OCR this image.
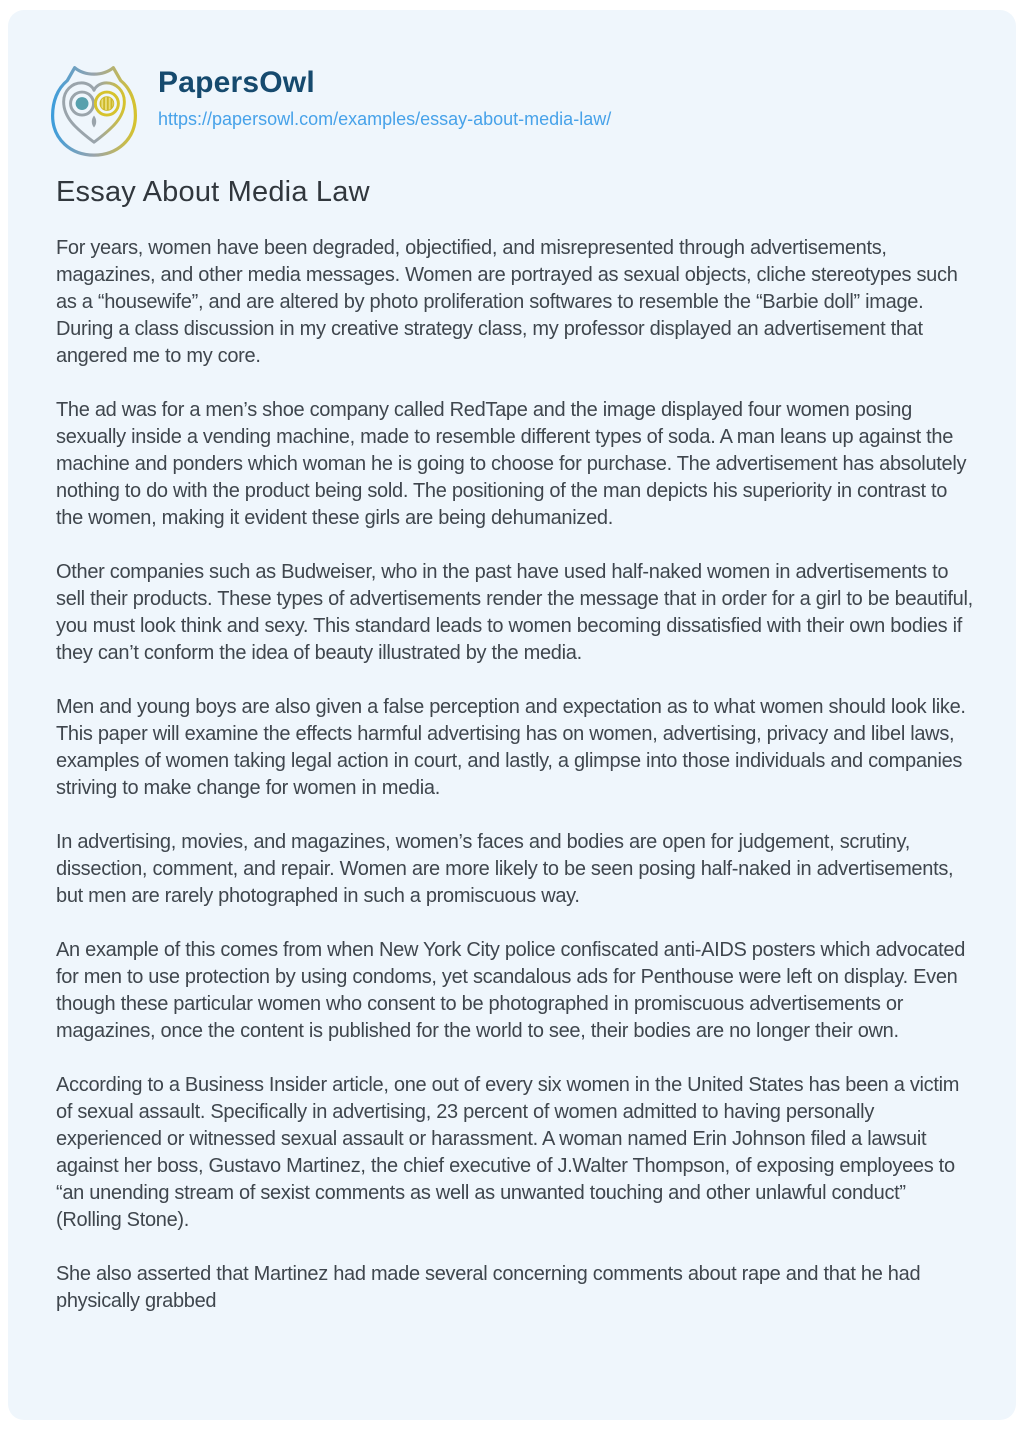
PapersOwl
https://papersowl.com/examples/essay-about-media-law/
Essay About Media Law

For years, women have been degraded, objectified, and misrepresented through advertisements, magazines, and other media messages. Women are portrayed as sexual objects, cliche stereotypes such as a “housewife”, and are altered by photo proliferation softwares to resemble the “Barbie doll” image. During a class discussion in my creative strategy class, my professor displayed an advertisement that angered me to my core.

The ad was for a men’s shoe company called RedTape and the image displayed four women posing sexually inside a vending machine, made to resemble different types of soda. A man leans up against the machine and ponders which woman he is going to choose for purchase. The advertisement has absolutely nothing to do with the product being sold. The positioning of the man depicts his superiority in contrast to the women, making it evident these girls are being dehumanized.

Other companies such as Budweiser, who in the past have used half-naked women in advertisements to sell their products. These types of advertisements render the message that in order for a girl to be beautiful, you must look think and sexy. This standard leads to women becoming dissatisfied with their own bodies if they can’t conform the idea of beauty illustrated by the media.

Men and young boys are also given a false perception and expectation as to what women should look like. This paper will examine the effects harmful advertising has on women, advertising, privacy and libel laws, examples of women taking legal action in court, and lastly, a glimpse into those individuals and companies striving to make change for women in media.

In advertising, movies, and magazines, women’s faces and bodies are open for judgement, scrutiny, dissection, comment, and repair. Women are more likely to be seen posing half-naked in advertisements, but men are rarely photographed in such a promiscuous way.

An example of this comes from when New York City police confiscated anti-AIDS posters which advocated for men to use protection by using condoms, yet scandalous ads for Penthouse were left on display. Even though these particular women who consent to be photographed in promiscuous advertisements or magazines, once the content is published for the world to see, their bodies are no longer their own.

According to a Business Insider article, one out of every six women in the United States has been a victim of sexual assault. Specifically in advertising, 23 percent of women admitted to having personally experienced or witnessed sexual assault or harassment. A woman named Erin Johnson filed a lawsuit against her boss, Gustavo Martinez, the chief executive of J.Walter Thompson, of exposing employees to “an unending stream of sexist comments as well as unwanted touching and other unlawful conduct” (Rolling Stone).

She also asserted that Martinez had made several concerning comments about rape and that he had physically grabbed
